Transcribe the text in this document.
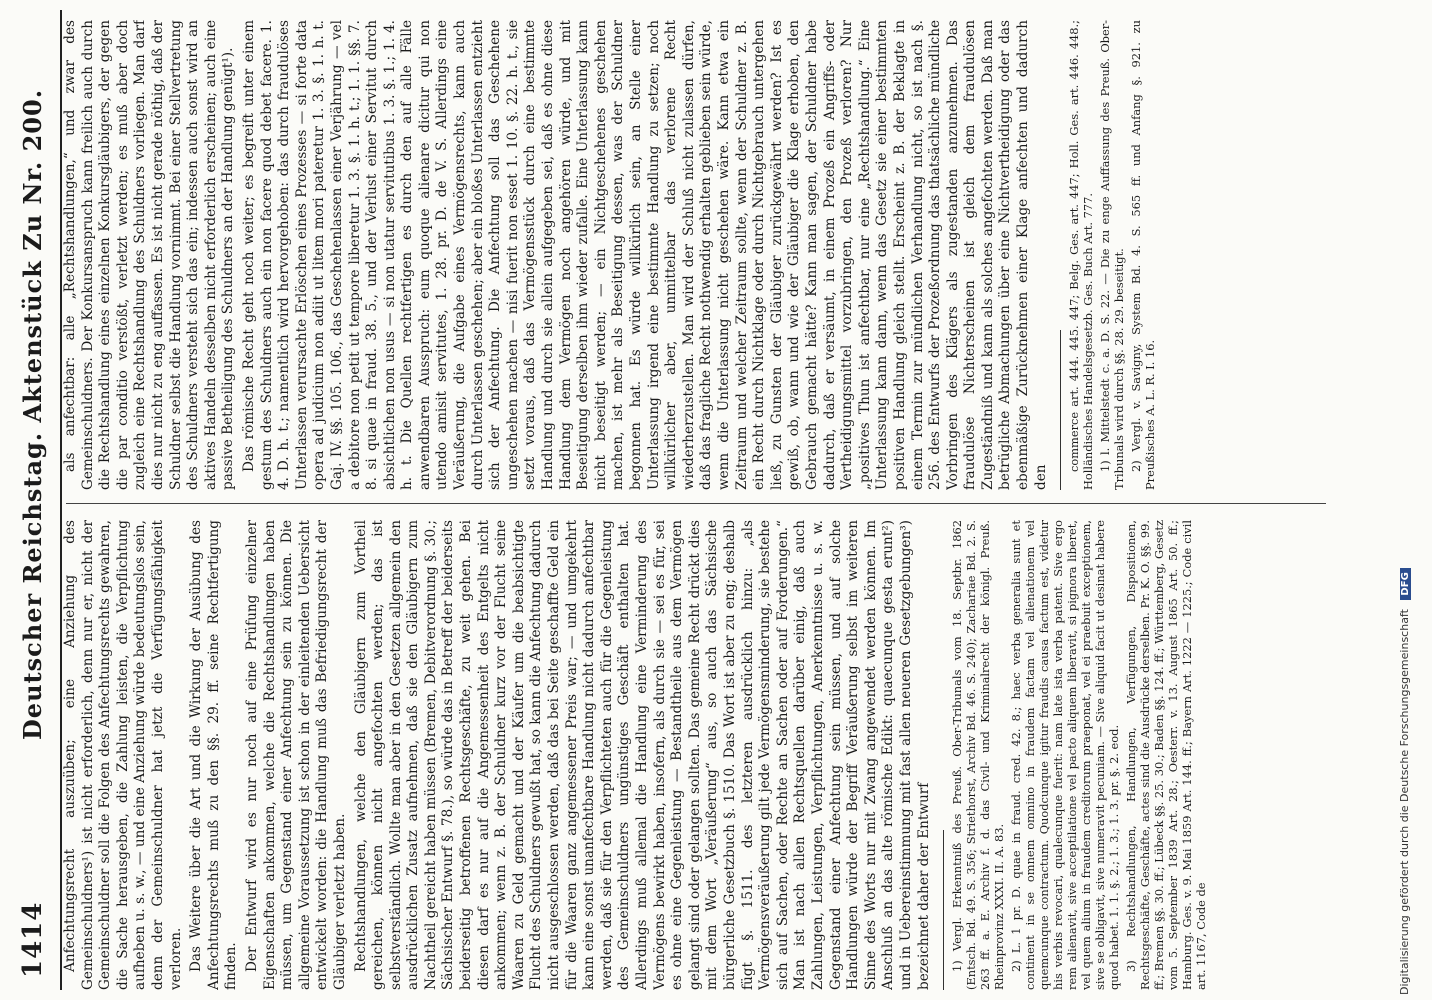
1414
Deutscher Reichstag. Aktenstück Zu Nr. 200.

Anfechtungsrecht auszuüben; eine Anziehung des Gemeinschuldners¹) ist nicht erforderlich, denn nur er, nicht der Gemeinschuldner soll die Folgen des Anfechtungsrechts gewahren, die Sache herausgeben, die Zahlung leisten, die Verpflichtung aufheben u. s. w., — und eine Anziehung würde bedeutungslos sein, denn der Gemeinschuldner hat jetzt die Verfügungsfähigkeit verloren. Das Weitere über die Art und die Wirkung der Ausübung des Anfechtungsrechts muß zu den §§. 29. ff. seine Rechtfertigung finden. Der Entwurf wird es nur noch auf eine Prüfung einzelner Eigenschaften ankommen, welche die Rechtshandlungen haben müssen, um Gegenstand einer Anfechtung sein zu können. Die allgemeine Voraussetzung ist schon in der einleitenden Uebersicht entwickelt worden: die Handlung muß das Befriedigungsrecht der Gläubiger verletzt haben. Rechtshandlungen, welche den Gläubigern zum Vortheil gereichen, können nicht angefochten werden; das ist selbstverständlich. Wollte man aber in den Gesetzen allgemein den ausdrücklichen Zusatz aufnehmen, daß sie den Gläubigern zum Nachtheil gereicht haben müssen (Bremen, Debitverordnung §. 30.; Sächsischer Entwurf §. 78.), so würde das in Betreff der beiderseits beiderseitig betroffenen Rechtsgeschäfte, zu weit gehen. Bei diesen darf es nur auf die Angemessenheit des Entgelts nicht ankommen; wenn z. B. der Schuldner kurz vor der Flucht seine Waaren zu Geld gemacht und der Käufer um die beabsichtigte Flucht des Schuldners gewußt hat, so kann die Anfechtung dadurch nicht ausgeschlossen werden, daß das bei Seite geschaffte Geld ein für die Waaren ganz angemessener Preis war; — und umgekehrt kann eine sonst unanfechtbare Handlung nicht dadurch anfechtbar werden, daß sie für den Verpflichteten auch für die Gegenleistung des Gemeinschuldners ungünstiges Geschäft enthalten hat. Allerdings muß allemal die Handlung eine Verminderung des Vermögens bewirkt haben, insofern, als durch sie — sei es für, sei es ohne eine Gegenleistung — Bestandtheile aus dem Vermögen gelangt sind oder gelangen sollten. Das gemeine Recht drückt dies mit dem Wort „Veräußerung“ aus, so auch das Sächsische bürgerliche Gesetzbuch §. 1510. Das Wort ist aber zu eng; deshalb fügt §. 1511. des letzteren ausdrücklich hinzu: „als Vermögensveräußerung gilt jede Vermögensminderung, sie bestehe sich auf Sachen, oder Rechte an Sachen oder auf Forderungen.“ Man ist nach allen Rechtsquellen darüber einig, daß auch Zahlungen, Leistungen, Verpflichtungen, Anerkenntnisse u. s. w. Gegenstand einer Anfechtung sein müssen, und auf solche Handlungen würde der Begriff Veräußerung selbst im weiteren Sinne des Worts nur mit Zwang angewendet werden können. Im Anschluß an das alte römische Edikt: quaecunque gesta erunt²) und in Uebereinstimmung mit fast allen neueren Gesetzgebungen³) bezeichnet daher der Entwurf 1) Vergl. Erkenntniß des Preuß. Ober-Tribunals vom 18. Septbr. 1862 (Entsch. Bd. 49. S. 356; Striethorst, Archiv Bd. 46. S. 240); Zachariae Bd. 2. S. 263 ff. a. E. Archiv f. d. das Civil- und Kriminalrecht der königl. Preuß. Rheinprovinz XXXI. II. A. 83. 2) L. 1 pr. D. quae in fraud. cred. 42. 8.; haec verba generalia sunt et continent in se omnem omnino in fraudem factam vel alienationem vel quemcunque contractum. Quodcunque igitur fraudis causa factum est, videtur his verbis revocari, qualecunque fuerit: nam late ista verba patent. Sive ergo rem alienavit, sive acceptilatione vel pacto aliquem liberavit, si pignora liberet, vel quem alium in fraudem creditorum praeponat, vel ei praebuit exceptionem, sive se obligavit, sive numeravit pecuniam. — Sive aliquid facit ut desinat habere quod habet. 1. 1. §. 2.; 1. 3.; 1. 3. pr. §. 2. eod. 3) Rechtshandlungen, Handlungen, Verfügungen, Dispositionen, Rechtsgeschäfte, Geschäfte, actes sind die Ausdrücke derselben. Pr. K. O. §§. 99. ff.; Bremen §§. 30. ff.; Lübeck §§. 25. 30.; Baden §§. 124. ff.; Württemberg, Gesetz vom 5. September 1839 Art. 28.; Oesterr. v. 13. August 1865 Art. 50. ff.; Hamburg. Ges. v. 9. Mai 1859 Art. 144. ff.; Bayern Art. 1222 — 1225.; Code civil art. 1167, Code de

als anfechtbar: alle „Rechtshandlungen,“ und zwar des Gemeinschuldners. Der Konkursanspruch kann freilich auch durch die Rechtshandlung eines einzelnen Konkursgläubigers, der gegen die par conditio verstößt, verletzt werden; es muß aber doch zugleich eine Rechtshandlung des Schuldners vorliegen. Man darf dies nur nicht zu eng auffassen. Es ist nicht gerade nöthig, daß der Schuldner selbst die Handlung vornimmt. Bei einer Stellvertretung des Schuldners versteht sich das ein; indessen auch sonst wird an aktives Handeln desselben nicht erforderlich erscheinen; auch eine passive Betheiligung des Schuldners an der Handlung genügt¹). Das römische Recht geht noch weiter; es begreift unter einem gestum des Schuldners auch ein non facere quod debet facere. 1. 4. D. h. t.; namentlich wird hervorgehoben: das durch fraudulöses Unterlassen verursachte Erlöschen eines Prozesses — si forte data opera ad judicium non adiit ut litem mori pateretur 1. 3. §. 1. h. t. Gaj. IV. §§. 105. 106., das Geschehenlassen einer Verjährung — vel a debitore non petit ut tempore liberetur 1. 3. §. 1. h. t.; 1. 1. §§. 7. 8. si quae in fraud. 38. 5., und der Verlust einer Servitut durch absichtlichen non usus — si non utatur servitutibus 1. 3. §. 1.; 1. 4. h. t. Die Quellen rechtfertigen es durch den auf alle Fälle anwendbaren Ausspruch: eum quoque alienare dicitur qui non utendo amisit servitutes, 1. 28. pr. D. de V. S. Allerdings eine Veräußerung, die Aufgabe eines Vermögensrechts, kann auch durch Unterlassen geschehen; aber ein bloßes Unterlassen entzieht sich der Anfechtung. Die Anfechtung soll das Geschehene ungeschehen machen — nisi fuerit non esset 1. 10. §. 22. h. t., sie setzt voraus, daß das Vermögensstück durch eine bestimmte Handlung und durch sie allein aufgegeben sei, daß es ohne diese Handlung dem Vermögen noch angehören würde, und mit Beseitigung derselben ihm wieder zufalle. Eine Unterlassung kann nicht beseitigt werden; — ein Nichtgeschehenes geschehen machen, ist mehr als Beseitigung dessen, was der Schuldner begonnen hat. Es würde willkürlich sein, an Stelle einer Unterlassung irgend eine bestimmte Handlung zu setzen; noch willkürlicher aber, unmittelbar das verlorene Recht wiederherzustellen. Man wird der Schluß nicht zulassen dürfen, daß das fragliche Recht nothwendig erhalten geblieben sein würde, wenn die Unterlassung nicht geschehen wäre. Kann etwa ein Zeitraum und welcher Zeitraum sollte, wenn der Schuldner z. B. ein Recht durch Nichtklage oder durch Nichtgebrauch untergehen ließ, zu Gunsten der Gläubiger zurückgewährt werden? Ist es gewiß, ob, wann und wie der Gläubiger die Klage erhoben, den Gebrauch gemacht hätte? Kann man sagen, der Schuldner habe dadurch, daß er versäumt, in einem Prozeß ein Angriffs- oder Vertheidigungsmittel vorzubringen, den Prozeß verloren? Nur „positives Thun ist anfechtbar, nur eine „Rechtshandlung.“ Eine Unterlassung kann dann, wenn das Gesetz sie einer bestimmten positiven Handlung gleich stellt. Erscheint z. B. der Beklagte in einem Termin zur mündlichen Verhandlung nicht, so ist nach §. 256. des Entwurfs der Prozeßordnung das thatsächliche mündliche Vorbringen des Klägers als zugestanden anzunehmen. Das fraudulöse Nichterscheinen ist gleich dem fraudulösen Zugeständniß und kann als solches angefochten werden. Daß man betrügliche Abmachungen über eine Nichtvertheidigung oder das ebenmäßige Zurücknehmen einer Klage anfechten und dadurch den

commerce art. 444. 445. 447; Belg. Ges. art. 447; Holl. Ges. art. 446. 448.; Holländisches Handelsgesetzb. Ges. Buch Art. 777. 1) l. Mittelstedt c. a. D. S. 22. — Die zu enge Auffassung des Preuß. Ober-Tribunals wird durch §§. 28. 29. beseitigt. 2) Vergl. v. Savigny, System Bd. 4. S. 565 ff. und Anfang §. 921. zu Preußisches A. L. R. I. 16.

Digitalisierung gefördert durch die Deutsche Forschungsgemeinschaft DFG
